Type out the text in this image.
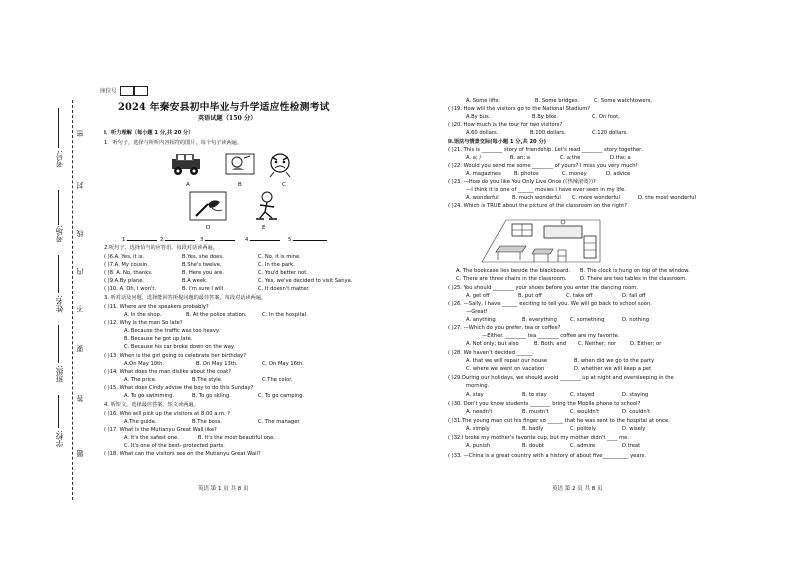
考号:
考场:
姓名:
班级:
学校:
密
封
线
内
不
要
答
题
座位号
2024 年秦安县初中毕业与升学适应性检测考试
英语试题（150 分）
I．听力理解（每小题 1 分,共 20 分）
1．听句子，选择与所听内容相符的图片，每个句子读两遍。
A	B	C
D	E
1.	2.	3.	4.	5.
2.听句子，选择恰当的应答语。每段对话读两遍。
( )6.A. Yes, it is.	B.Yes, she does.	C. No, it is mine.
( )7.A. My cousin.	B.She's twelve.	C. In the park.
( )8. A. No, thanks.	B. Here you are.	C. You'd better not.
( )9.A.By plane.	B.A week.	C. Yes, we've decided to visit Sanya.
( )10. A. Oh, I won't.	B. I'm sure I will.	C. It doesn't matter.
3. 听对话及问题，选择能回答所提问题的最佳答案。每段对话读两遍。
( )11. Where are the speakers probably?
A. In the shop.	B. At the police station.	C. In the hospital.
( )12. Why is the man So late?
A. Because the traffic was too heavy.
B. Because he got up late.
C. Because his car broke down on the way.
( )13. When is the girl going to celebrate her birthday?
A.On May 10th.	B. On May 13th.	C. On May 16th.
( )14. What does the man dislike about the coat?
A. The price.	B.The style.	C.The color.
( )15. What does Cindy advise the boy to do this Sunday?
A. To go swimming.	B. To go skiing.	C. To go camping.
4. 听短文，选择最佳答案。短文读两遍。
( )16. Who will pick up the visitors at 8:00 a.m. ?
A.The guide.	B.The boss.	C. The manager.
( )17. What is the Mutianyu Great Wall like?
A. It's the safest one.	B. It's the most beautiful one.
C. It's one of the best- protected parts.
( )18. What can the visitors see on the Mutianyu Great Wall?
英语 第 1 页 共 8 页
A. Some lifts.	B. Some bridges.	C. Some watchtowers,
( )19. How will the visitors go to the National Stadium?
A.By bus.	B.By bike.	C. On foot,
( )20. How much is the tour for two visitors?
A.60 dollars.	B.100 dollars.	C.120 dollars.
II.语法与情景交际(每小题 1 分,共 20 分)
( )21. This is ________ story of friendship. Let's read ________ story together.
A. a; /	B. an; a	C. a;the	D.the; a
( )22. Would you send me some ________ of yours? I miss you very much!
A. magazines	B. photos	C. money	D. advice
( )23. —How do you like You Only Live Once (《热辣滚烫》)?
—I think it is one of ______ movies I have ever seen in my life.
A. wonderful	B. much wonderful C. more wonderful	D. the most wonderful
( )24. Which is TRUE about the picture of the classroom on the right?
A. The bookcase lies beside the blackboard. B. The clock is hung on top of the window.
C. There are three chairs in the classroom.	D. There are two tables in the classroom.
( )25. You should ________ your shoes before you enter the dancing room.
A. get off	B. put off	C. take off	D. fall off
( )26. —Sally, I have ______ exciting to tell you. We will go back to school soon.
—Great!
A. anything	B. everything	C. something	D. nothing
( )27. —Which do you prefer, tea or coffee?
—Either. ________ tea ________ coffee are my favorite.
A. Not only; but also	B. Both; and C. Neither; nor	D. Either; or
( )28. We haven't decided ______.
A. that we will repair our house	B. when did we go to the party
C. where we went on vacation	D. whether we will keep a pet
( )29.During our holidays, we should avoid ________ up at night and oversleeping in the
morning.
A. stay	B. to stay	C. stayed	D. staying
( )30. Don't you know students ________ bring the Mobile phone to school?
A. needn't	B. mustn't	C. wouldn't	D. couldn't
( )31.The young man cut his finger so ______ that he was sent to the hospital at once.
A. simply	B. badly	C. politely	D. wisely
( )32.I broke my mother's favorite cup, but my mother didn't ____ me.
A. punish	B. doubt	C. admire	D.treat
( )33. —China is a great country with a history of about five__________ years.
英语 第 2 页 共 8 页
